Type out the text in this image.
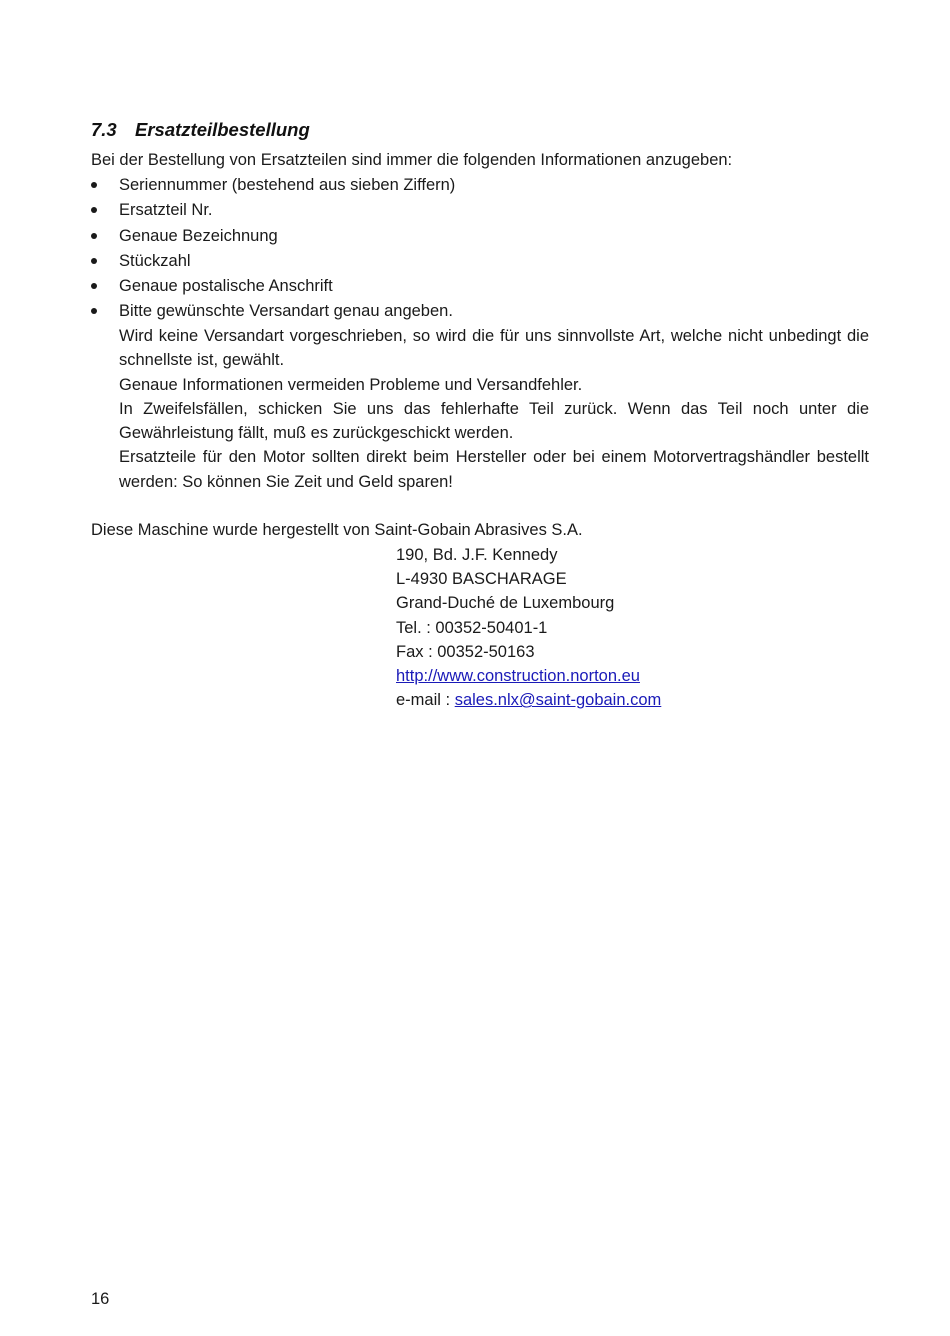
7.3 Ersatzteilbestellung

Bei der Bestellung von Ersatzteilen sind immer die folgenden Informationen anzugeben:

Seriennummer (bestehend aus sieben Ziffern)
Ersatzteil Nr.
Genaue Bezeichnung
Stückzahl
Genaue postalische Anschrift
Bitte gewünschte Versandart genau angeben.

Wird keine Versandart vorgeschrieben, so wird die für uns sinnvollste Art, welche nicht unbedingt die schnellste ist, gewählt.

Genaue Informationen vermeiden Probleme und Versandfehler.

In Zweifelsfällen, schicken Sie uns das fehlerhafte Teil zurück. Wenn das Teil noch unter die Gewährleistung fällt, muß es zurückgeschickt werden.

Ersatzteile für den Motor sollten direkt beim Hersteller oder bei einem Motorvertragshändler bestellt werden: So können Sie Zeit und Geld sparen!

Diese Maschine wurde hergestellt von Saint-Gobain Abrasives S.A.

190, Bd. J.F. Kennedy
L-4930 BASCHARAGE
Grand-Duché de Luxembourg
Tel. : 00352-50401-1
Fax : 00352-50163
http://www.construction.norton.eu
e-mail : sales.nlx@saint-gobain.com

16
